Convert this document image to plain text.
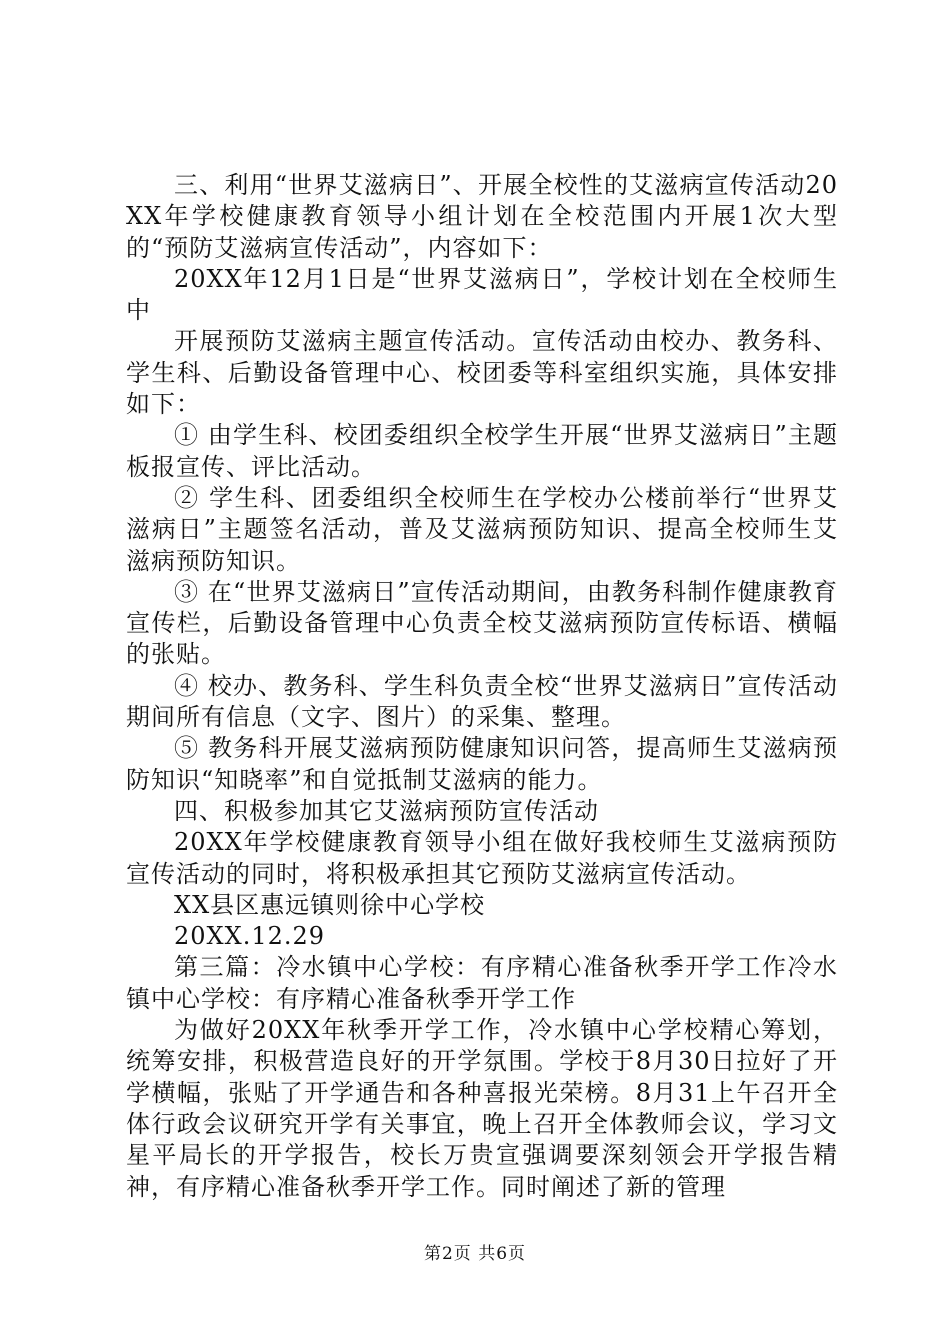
三、利用“世界艾滋病日”、开展全校性的艾滋病宣传活动20XX年学校健康教育领导小组计划在全校范围内开展1次大型的“预防艾滋病宣传活动”，内容如下：

20XX年12月1日是“世界艾滋病日”，学校计划在全校师生中

开展预防艾滋病主题宣传活动。宣传活动由校办、教务科、学生科、后勤设备管理中心、校团委等科室组织实施，具体安排如下：

① 由学生科、校团委组织全校学生开展“世界艾滋病日”主题板报宣传、评比活动。

② 学生科、团委组织全校师生在学校办公楼前举行“世界艾滋病日”主题签名活动，普及艾滋病预防知识、提高全校师生艾滋病预防知识。

③ 在“世界艾滋病日”宣传活动期间，由教务科制作健康教育宣传栏，后勤设备管理中心负责全校艾滋病预防宣传标语、横幅的张贴。

④ 校办、教务科、学生科负责全校“世界艾滋病日”宣传活动期间所有信息（文字、图片）的采集、整理。

⑤ 教务科开展艾滋病预防健康知识问答，提高师生艾滋病预防知识“知晓率”和自觉抵制艾滋病的能力。

四、积极参加其它艾滋病预防宣传活动

20XX年学校健康教育领导小组在做好我校师生艾滋病预防宣传活动的同时，将积极承担其它预防艾滋病宣传活动。

XX县区惠远镇则徐中心学校

20XX.12.29

第三篇：冷水镇中心学校：有序精心准备秋季开学工作冷水镇中心学校：有序精心准备秋季开学工作

为做好20XX年秋季开学工作，冷水镇中心学校精心筹划，统筹安排，积极营造良好的开学氛围。学校于8月30日拉好了开学横幅，张贴了开学通告和各种喜报光荣榜。8月31上午召开全体行政会议研究开学有关事宜，晚上召开全体教师会议，学习文星平局长的开学报告，校长万贵宣强调要深刻领会开学报告精神，有序精心准备秋季开学工作。同时阐述了新的管理

第2页 共6页
